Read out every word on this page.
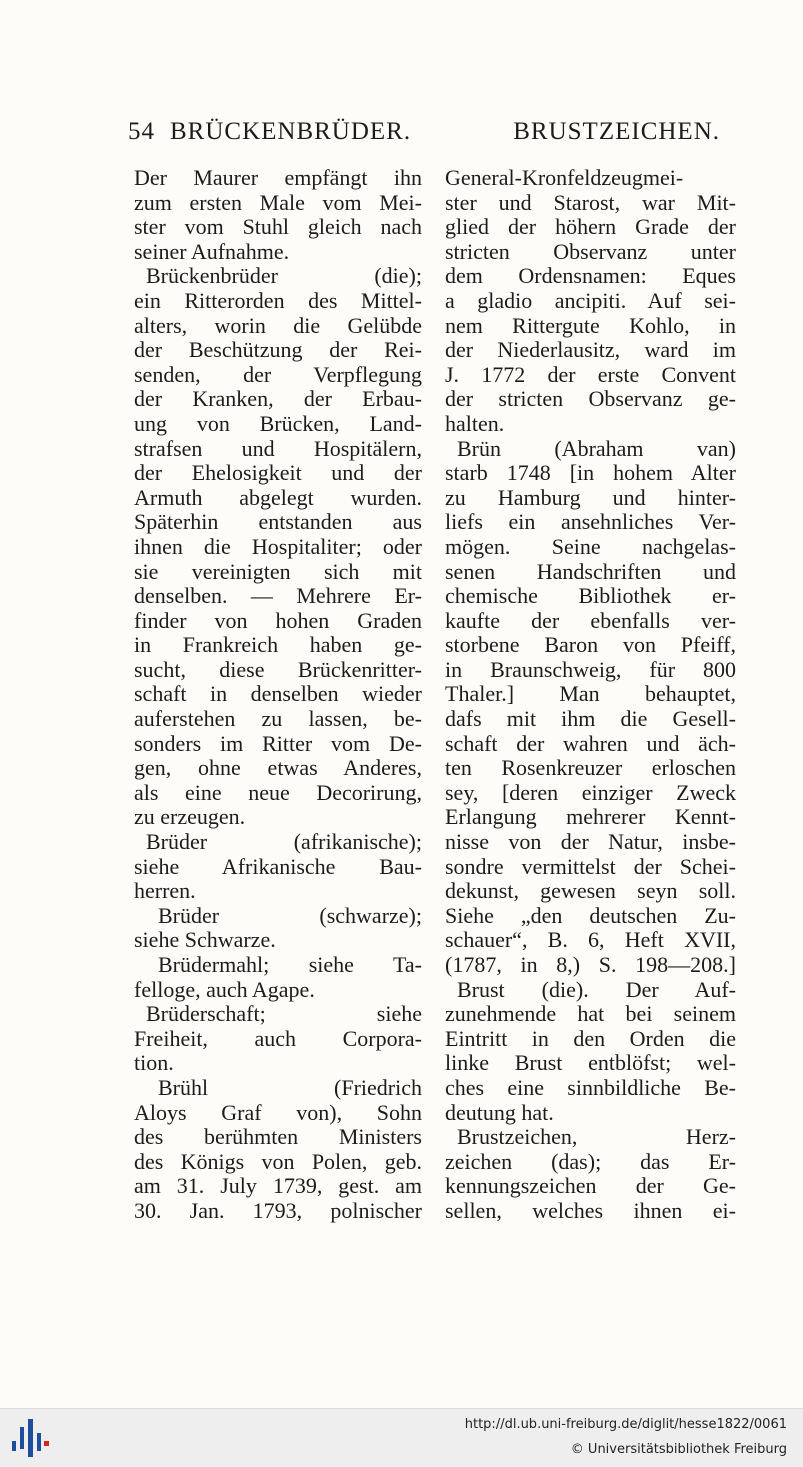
54 BRÜCKENBRÜDER.	BRUSTZEICHEN.
Der Maurer empfängt ihn
zum ersten Male vom Mei-
ster vom Stuhl gleich nach
seiner Aufnahme.
Brückenbrüder (die);
ein Ritterorden des Mittel-
alters, worin die Gelübde
der Beschützung der Rei-
senden, der Verpflegung
der Kranken, der Erbau-
ung von Brücken, Land-
strafsen und Hospitälern,
der Ehelosigkeit und der
Armuth abgelegt wurden.
Späterhin entstanden aus
ihnen die Hospitaliter; oder
sie vereinigten sich mit
denselben. — Mehrere Er-
finder von hohen Graden
in Frankreich haben ge-
sucht, diese Brückenritter-
schaft in denselben wieder
auferstehen zu lassen, be-
sonders im Ritter vom De-
gen, ohne etwas Anderes,
als eine neue Decorirung,
zu erzeugen.
Brüder (afrikanische);
siehe Afrikanische Bau-
herren.
Brüder (schwarze);
siehe Schwarze.
Brüdermahl; siehe Ta-
felloge, auch Agape.
Brüderschaft; siehe
Freiheit, auch Corpora-
tion.
Brühl (Friedrich
Aloys Graf von), Sohn
des berühmten Ministers
des Königs von Polen, geb.
am 31. July 1739, gest. am
30. Jan. 1793, polnischer
General-Kronfeldzeugmei-
ster und Starost, war Mit-
glied der höhern Grade der
stricten Observanz unter
dem Ordensnamen: Eques
a gladio ancipiti. Auf sei-
nem Rittergute Kohlo, in
der Niederlausitz, ward im
J. 1772 der erste Convent
der stricten Observanz ge-
halten.
Brün (Abraham van)
starb 1748 [in hohem Alter
zu Hamburg und hinter-
liefs ein ansehnliches Ver-
mögen. Seine nachgelas-
senen Handschriften und
chemische Bibliothek er-
kaufte der ebenfalls ver-
storbene Baron von Pfeiff,
in Braunschweig, für 800
Thaler.] Man behauptet,
dafs mit ihm die Gesell-
schaft der wahren und äch-
ten Rosenkreuzer erloschen
sey, [deren einziger Zweck
Erlangung mehrerer Kennt-
nisse von der Natur, insbe-
sondre vermittelst der Schei-
dekunst, gewesen seyn soll.
Siehe „den deutschen Zu-
schauer“, B. 6, Heft XVII,
(1787, in 8,) S. 198—208.]
Brust (die). Der Auf-
zunehmende hat bei seinem
Eintritt in den Orden die
linke Brust entblöfst; wel-
ches eine sinnbildliche Be-
deutung hat.
Brustzeichen, Herz-
zeichen (das); das Er-
kennungszeichen der Ge-
sellen, welches ihnen ei-
http://dl.ub.uni-freiburg.de/diglit/hesse1822/0061
© Universitätsbibliothek Freiburg
